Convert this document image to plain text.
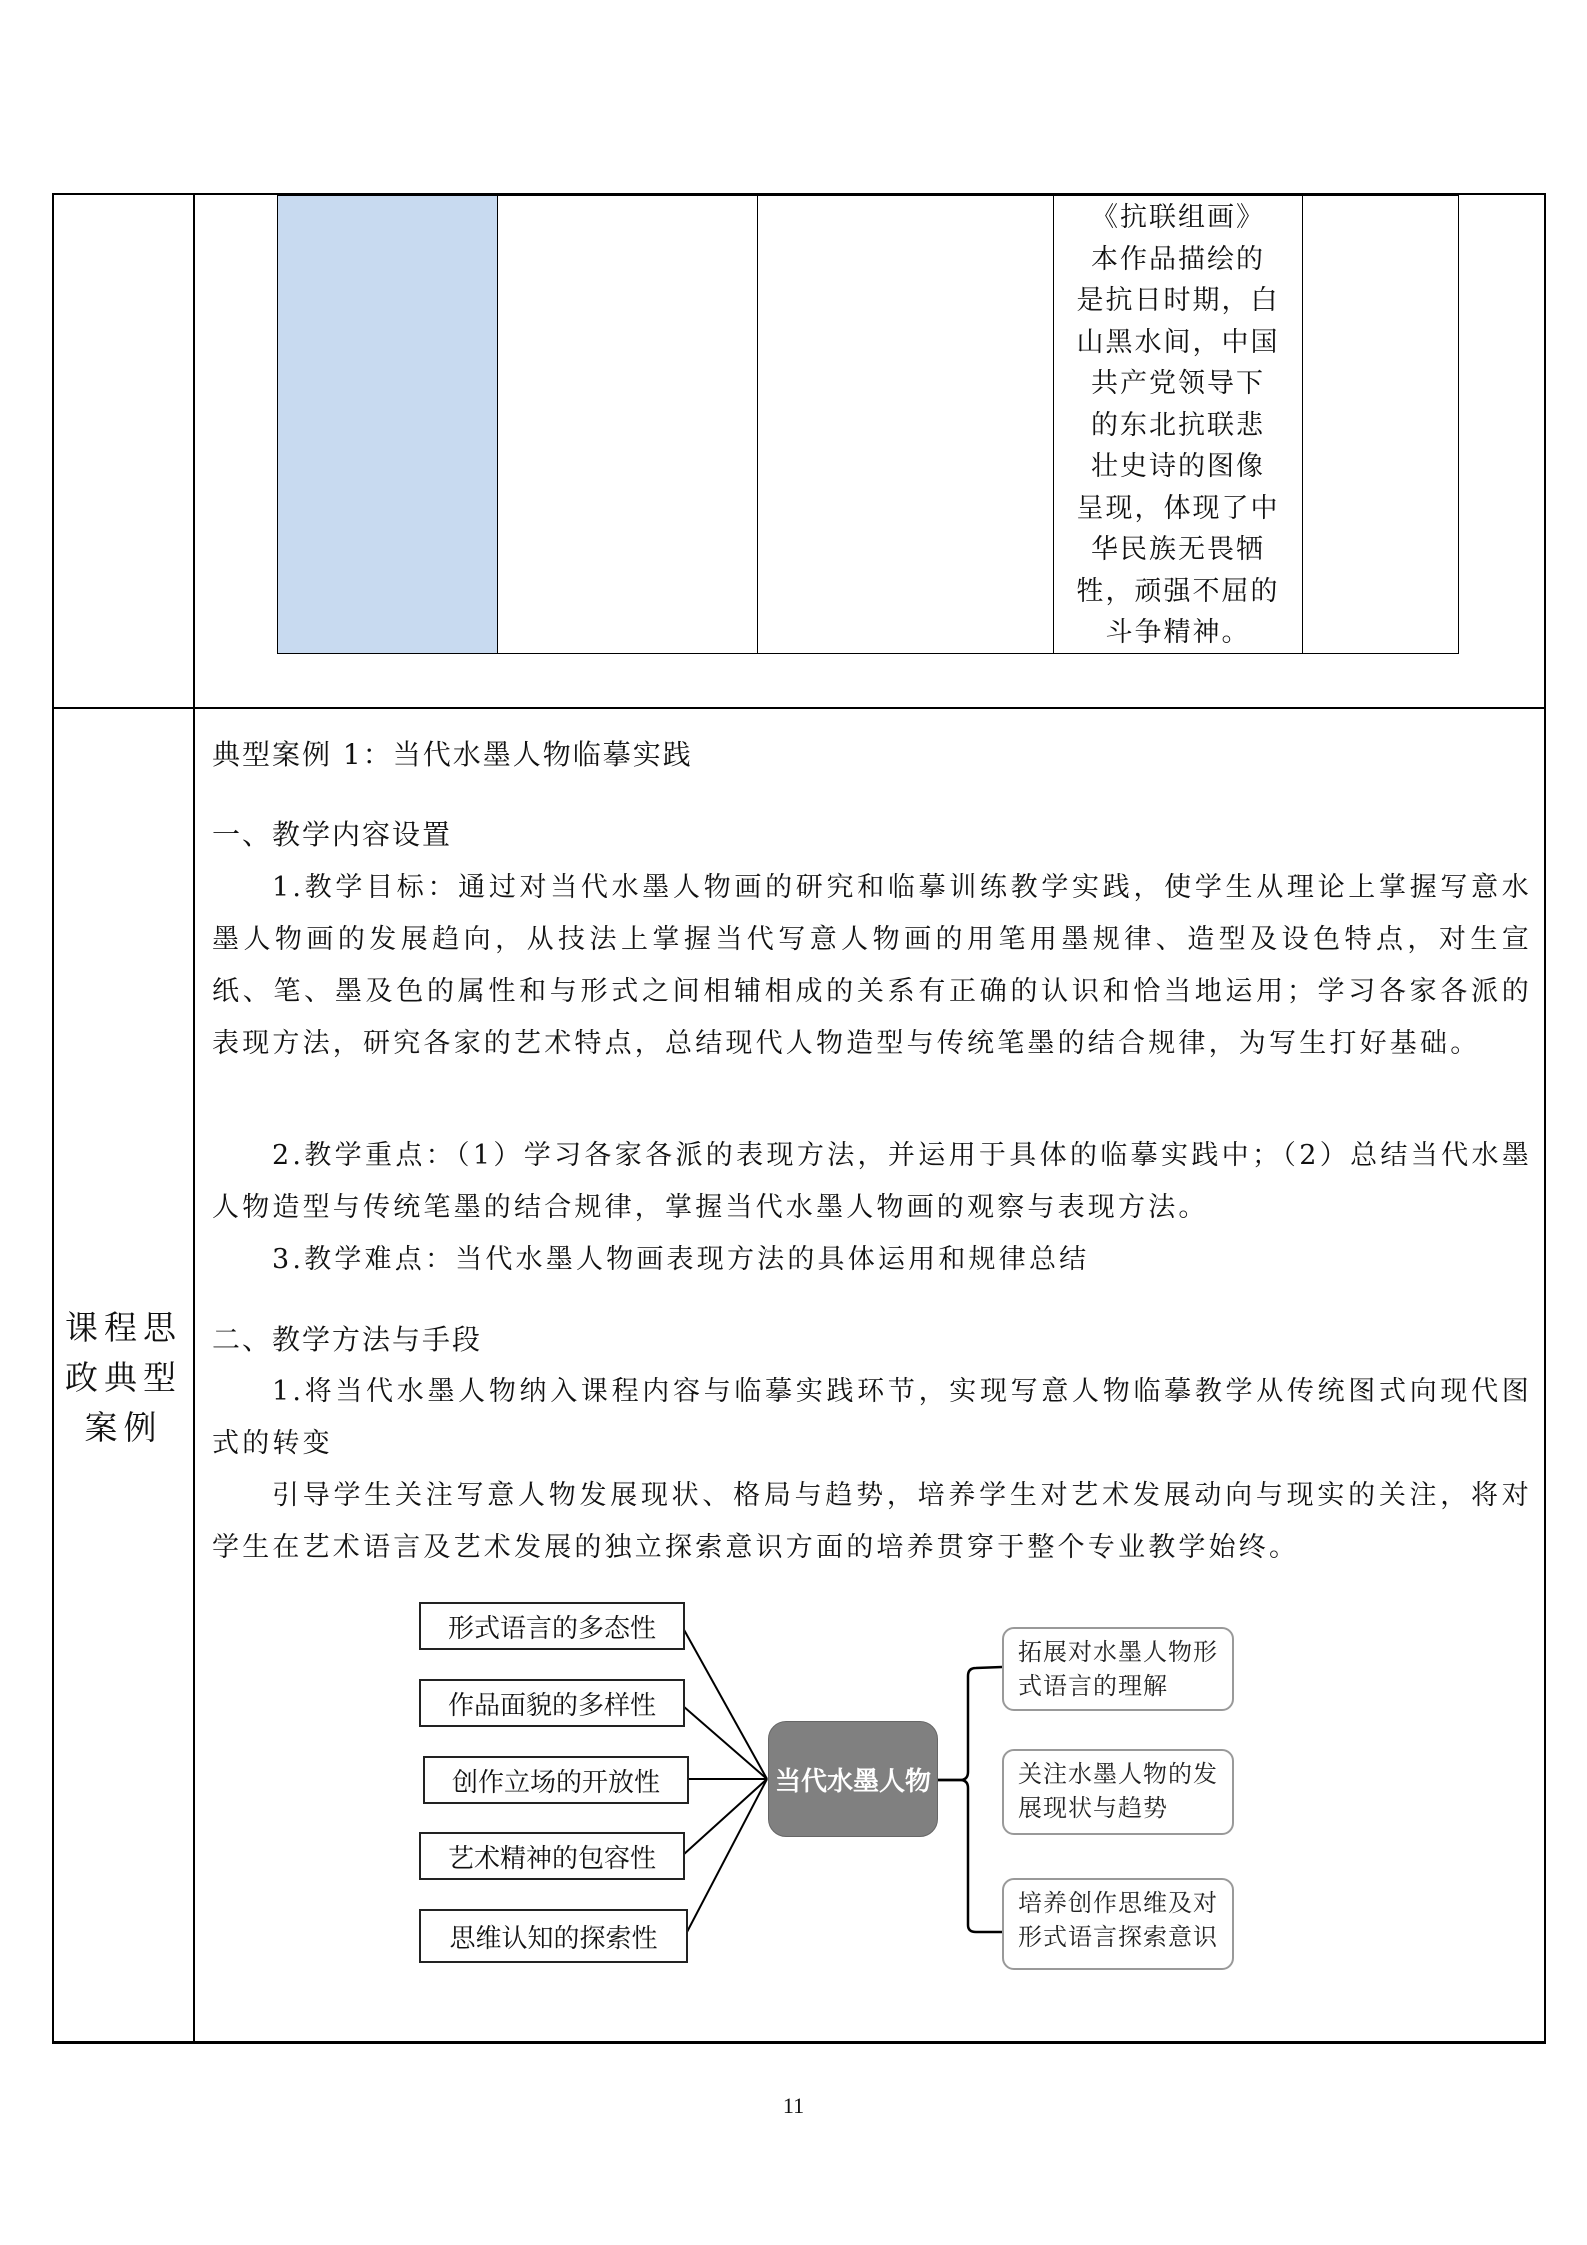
《抗联组画》
本作品描绘的
是抗日时期，白
山黑水间，中国
共产党领导下
的东北抗联悲
壮史诗的图像
呈现，体现了中
华民族无畏牺
牲，顽强不屈的
斗争精神。
课程思
政典型
案例
典型案例 1：当代水墨人物临摹实践
一、教学内容设置
1.教学目标：通过对当代水墨人物画的研究和临摹训练教学实践，使学生从理论上掌握写意水墨人物画的发展趋向，从技法上掌握当代写意人物画的用笔用墨规律、造型及设色特点，对生宣纸、笔、墨及色的属性和与形式之间相辅相成的关系有正确的认识和恰当地运用；学习各家各派的表现方法，研究各家的艺术特点，总结现代人物造型与传统笔墨的结合规律，为写生打好基础。
2.教学重点：（1）学习各家各派的表现方法，并运用于具体的临摹实践中；（2）总结当代水墨人物造型与传统笔墨的结合规律，掌握当代水墨人物画的观察与表现方法。
3.教学难点：当代水墨人物画表现方法的具体运用和规律总结
二、教学方法与手段
1.将当代水墨人物纳入课程内容与临摹实践环节，实现写意人物临摹教学从传统图式向现代图式的转变
引导学生关注写意人物发展现状、格局与趋势，培养学生对艺术发展动向与现实的关注，将对学生在艺术语言及艺术发展的独立探索意识方面的培养贯穿于整个专业教学始终。
形式语言的多态性
作品面貌的多样性
创作立场的开放性
艺术精神的包容性
思维认知的探索性
当代水墨人物
拓展对水墨人物形式语言的理解
关注水墨人物的发展现状与趋势
培养创作思维及对形式语言探索意识
11
